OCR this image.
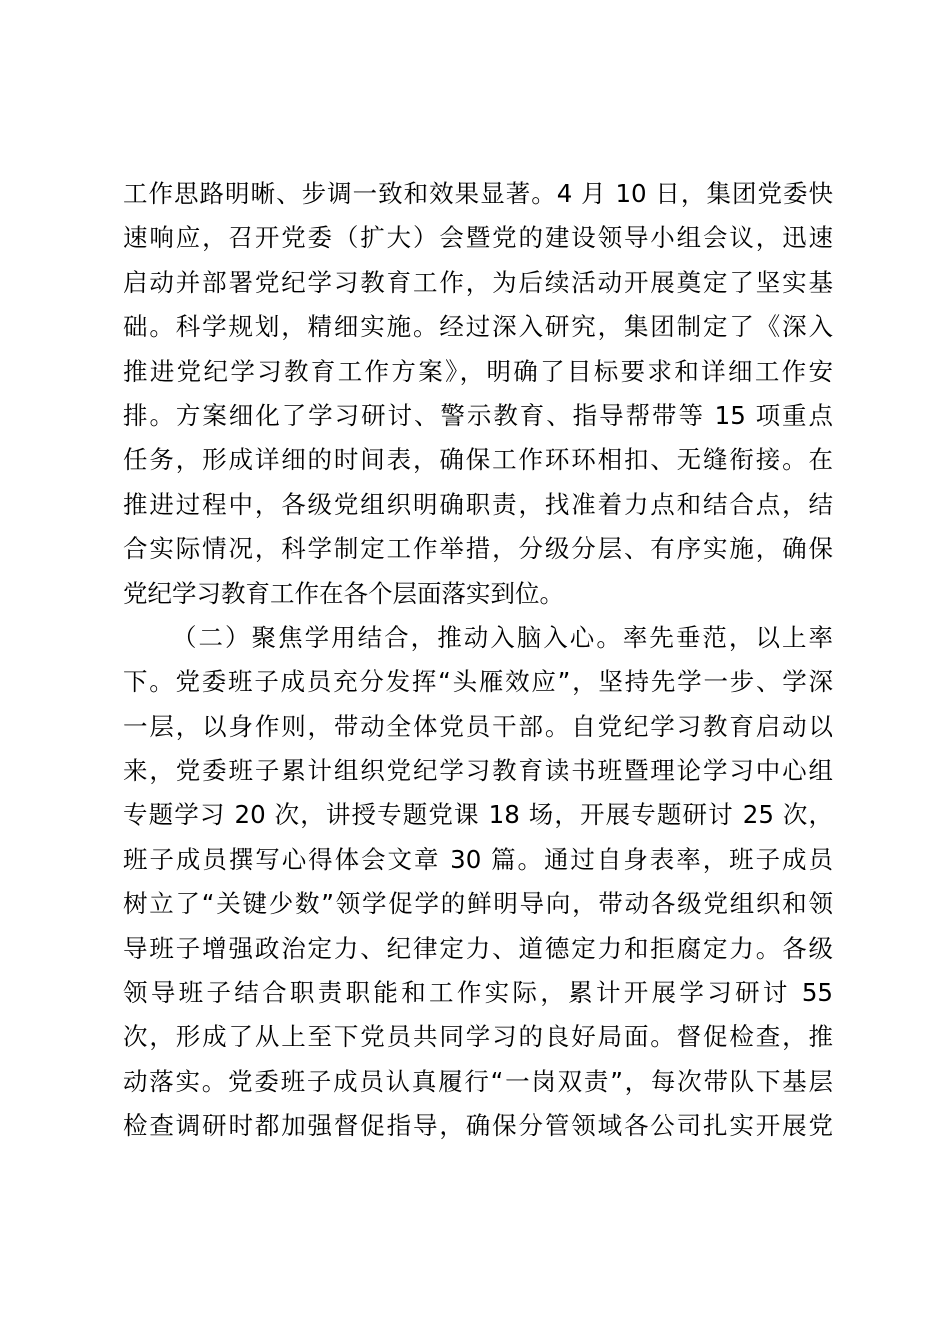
工作思路明晰、步调一致和效果显著。4 月 10 日，集团党委快
速响应，召开党委（扩大）会暨党的建设领导小组会议，迅速
启动并部署党纪学习教育工作，为后续活动开展奠定了坚实基
础。科学规划，精细实施。经过深入研究，集团制定了《深入
推进党纪学习教育工作方案》，明确了目标要求和详细工作安
排。方案细化了学习研讨、警示教育、指导帮带等 15 项重点
任务，形成详细的时间表，确保工作环环相扣、无缝衔接。在
推进过程中，各级党组织明确职责，找准着力点和结合点，结
合实际情况，科学制定工作举措，分级分层、有序实施，确保
党纪学习教育工作在各个层面落实到位。
（二）聚焦学用结合，推动入脑入心。率先垂范，以上率
下。党委班子成员充分发挥“头雁效应”，坚持先学一步、学深
一层，以身作则，带动全体党员干部。自党纪学习教育启动以
来，党委班子累计组织党纪学习教育读书班暨理论学习中心组
专题学习 20 次，讲授专题党课 18 场，开展专题研讨 25 次，
班子成员撰写心得体会文章 30 篇。通过自身表率，班子成员
树立了“关键少数”领学促学的鲜明导向，带动各级党组织和领
导班子增强政治定力、纪律定力、道德定力和拒腐定力。各级
领导班子结合职责职能和工作实际，累计开展学习研讨 55
次，形成了从上至下党员共同学习的良好局面。督促检查，推
动落实。党委班子成员认真履行“一岗双责”，每次带队下基层
检查调研时都加强督促指导，确保分管领域各公司扎实开展党
